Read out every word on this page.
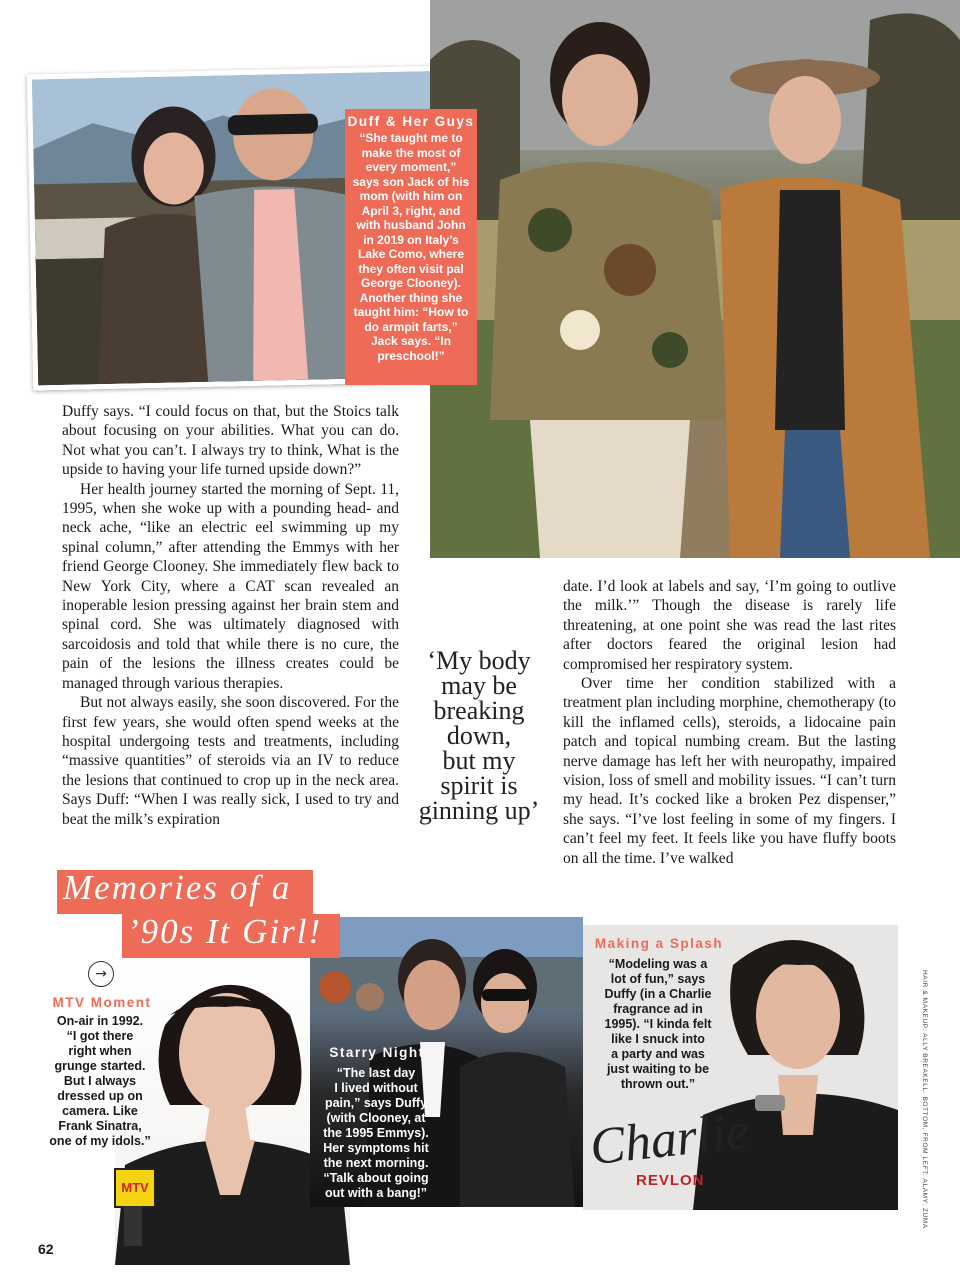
Duff & Her Guys
“She taught me to make the most of every moment,” says son Jack of his mom (with him on April 3, right, and with husband John in 2019 on Italy’s Lake Como, where they often visit pal George Clooney). Another thing she taught him: “How to do armpit farts,” Jack says. “In preschool!”

Duffy says. “I could focus on that, but the Stoics talk about focusing on your abilities. What you can do. Not what you can’t. I always try to think, What is the upside to having your life turned upside down?”

Her health journey started the morning of Sept. 11, 1995, when she woke up with a pounding head- and neck ache, “like an electric eel swimming up my spinal column,” after attending the Emmys with her friend George Clooney. She immediately flew back to New York City, where a CAT scan revealed an inoperable lesion pressing against her brain stem and spinal cord. She was ultimately diagnosed with sarcoidosis and told that while there is no cure, the pain of the lesions the illness creates could be managed through various therapies.

But not always easily, she soon discovered. For the first few years, she would often spend weeks at the hospital undergoing tests and treatments, including “massive quantities” of steroids via an IV to reduce the lesions that continued to crop up in the neck area. Says Duff: “When I was really sick, I used to try and beat the milk’s expiration

‘My body
may be
breaking
down,
but my
spirit is
ginning up’

date. I’d look at labels and say, ‘I’m going to outlive the milk.’” Though the disease is rarely life threatening, at one point she was read the last rites after doctors feared the original lesion had compromised her respiratory system.

Over time her condition stabilized with a treatment plan including morphine, chemotherapy (to kill the inflamed cells), steroids, a lidocaine pain patch and topical numbing cream. But the lasting nerve damage has left her with neuropathy, impaired vision, loss of smell and mobility issues. “I can’t turn my head. It’s cocked like a broken Pez dispenser,” she says. “I’ve lost feeling in some of my fingers. I can’t feel my feet. It feels like you have fluffy boots on all the time. I’ve walked

MTV
Charlie
REVLON
Memories of a
’90s It Girl!
→
MTV Moment
On-air in 1992.
“I got there
right when
grunge started.
But I always
dressed up on
camera. Like
Frank Sinatra,
one of my idols.”
Starry Night
“The last day
I lived without
pain,” says Duffy
(with Clooney, at
the 1995 Emmys).
Her symptoms hit
the next morning.
“Talk about going
out with a bang!”
Making a Splash
“Modeling was a
lot of fun,” says
Duffy (in a Charlie
fragrance ad in
1995). “I kinda felt
like I snuck into
a party and was
just waiting to be
thrown out.”	HAIR & MAKEUP: ALLY BREAKELL. BOTTOM, FROM LEFT: ALAMY; ZUMA
62
